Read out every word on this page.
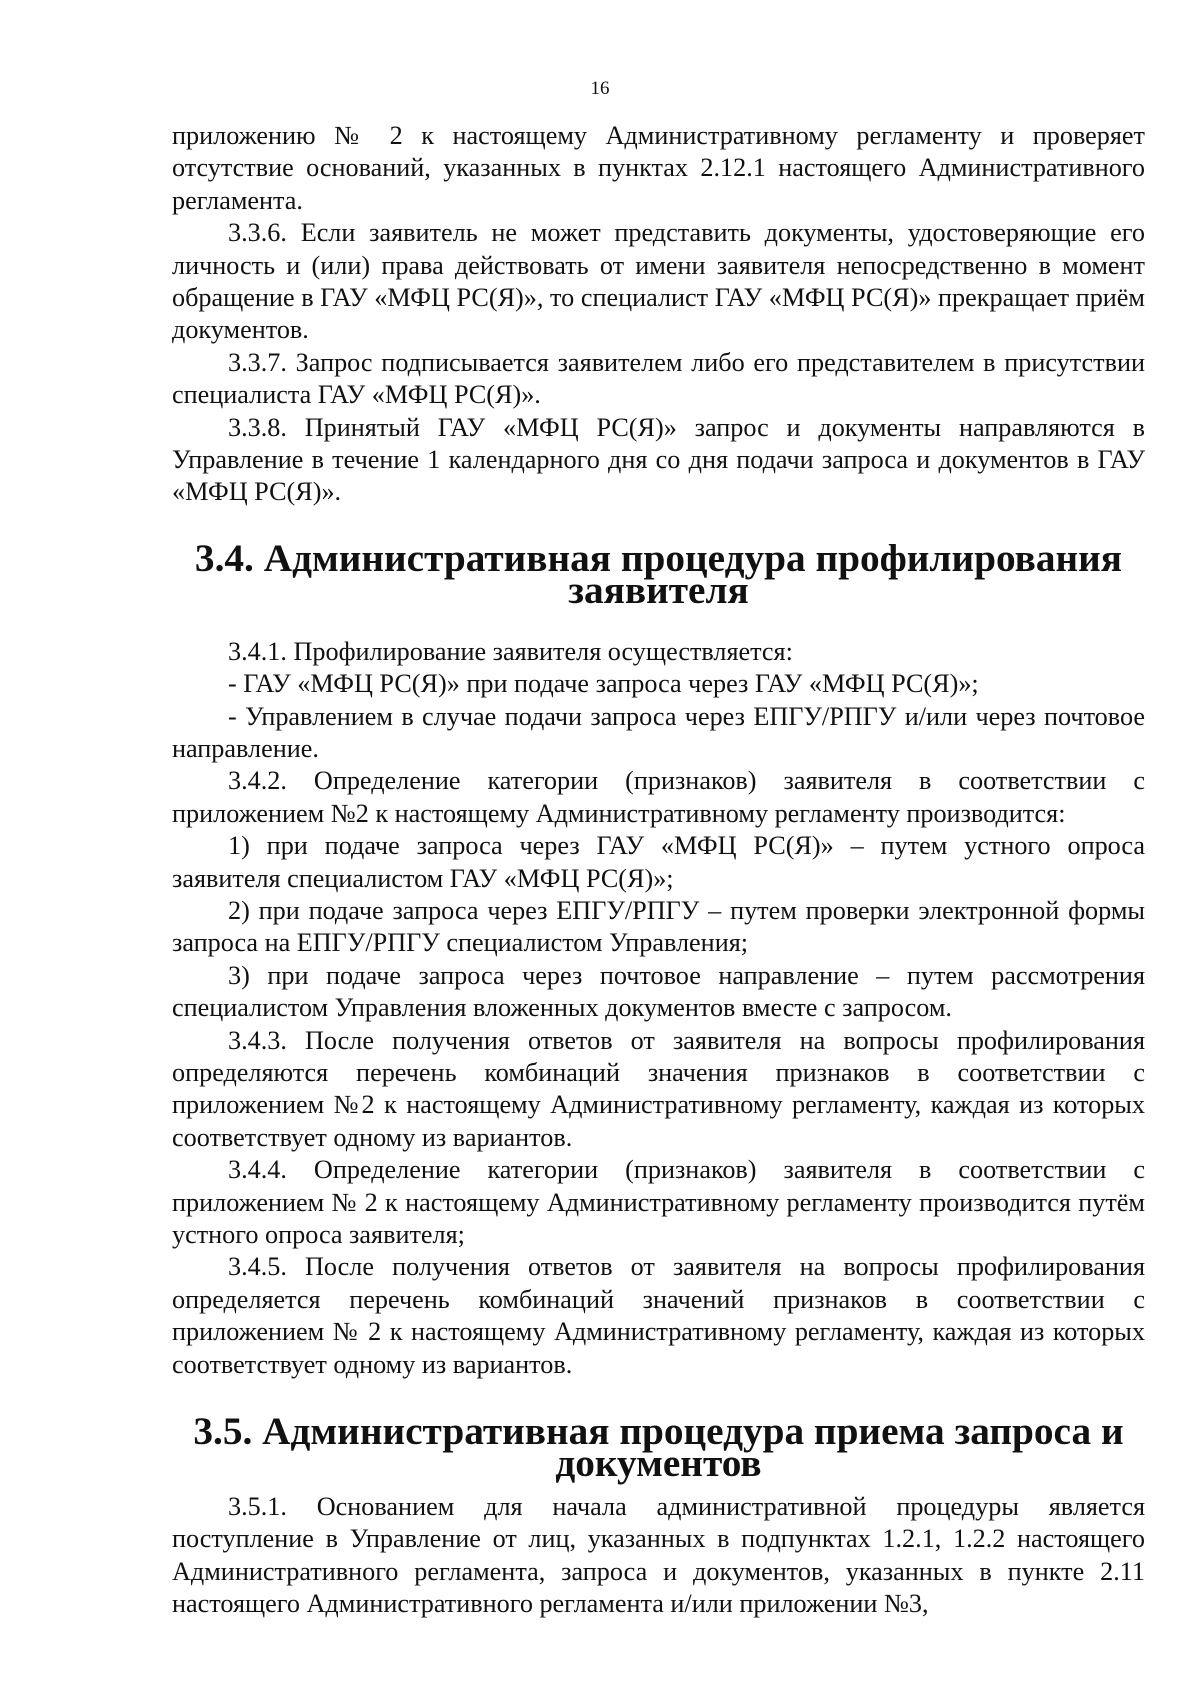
16

приложению № 2 к настоящему Административному регламенту и проверяет отсутствие оснований, указанных в пунктах 2.12.1 настоящего Административного регламента.

3.3.6. Если заявитель не может представить документы, удостоверяющие его личность и (или) права действовать от имени заявителя непосредственно в момент обращение в ГАУ «МФЦ РС(Я)», то специалист ГАУ «МФЦ РС(Я)» прекращает приём документов.

3.3.7. Запрос подписывается заявителем либо его представителем в присутствии специалиста ГАУ «МФЦ РС(Я)».

3.3.8. Принятый ГАУ «МФЦ РС(Я)» запрос и документы направляются в Управление в течение 1 календарного дня со дня подачи запроса и документов в ГАУ «МФЦ РС(Я)».

3.4. Административная процедура профилирования заявителя

3.4.1. Профилирование заявителя осуществляется:

- ГАУ «МФЦ РС(Я)» при подаче запроса через ГАУ «МФЦ РС(Я)»;

- Управлением в случае подачи запроса через ЕПГУ/РПГУ и/или через почтовое направление.

3.4.2. Определение категории (признаков) заявителя в соответствии с приложением №2 к настоящему Административному регламенту производится:

1) при подаче запроса через ГАУ «МФЦ РС(Я)» – путем устного опроса заявителя специалистом ГАУ «МФЦ РС(Я)»;

2) при подаче запроса через ЕПГУ/РПГУ – путем проверки электронной формы запроса на ЕПГУ/РПГУ специалистом Управления;

3) при подаче запроса через почтовое направление – путем рассмотрения специалистом Управления вложенных документов вместе с запросом.

3.4.3. После получения ответов от заявителя на вопросы профилирования определяются перечень комбинаций значения признаков в соответствии с приложением №2 к настоящему Административному регламенту, каждая из которых соответствует одному из вариантов.

3.4.4. Определение категории (признаков) заявителя в соответствии с приложением № 2 к настоящему Административному регламенту производится путём устного опроса заявителя;

3.4.5. После получения ответов от заявителя на вопросы профилирования определяется перечень комбинаций значений признаков в соответствии с приложением № 2 к настоящему Административному регламенту, каждая из которых соответствует одному из вариантов.

3.5. Административная процедура приема запроса и документов

3.5.1. Основанием для начала административной процедуры является поступление в Управление от лиц, указанных в подпунктах 1.2.1, 1.2.2 настоящего Административного регламента, запроса и документов, указанных в пункте 2.11 настоящего Административного регламента и/или приложении №3,
